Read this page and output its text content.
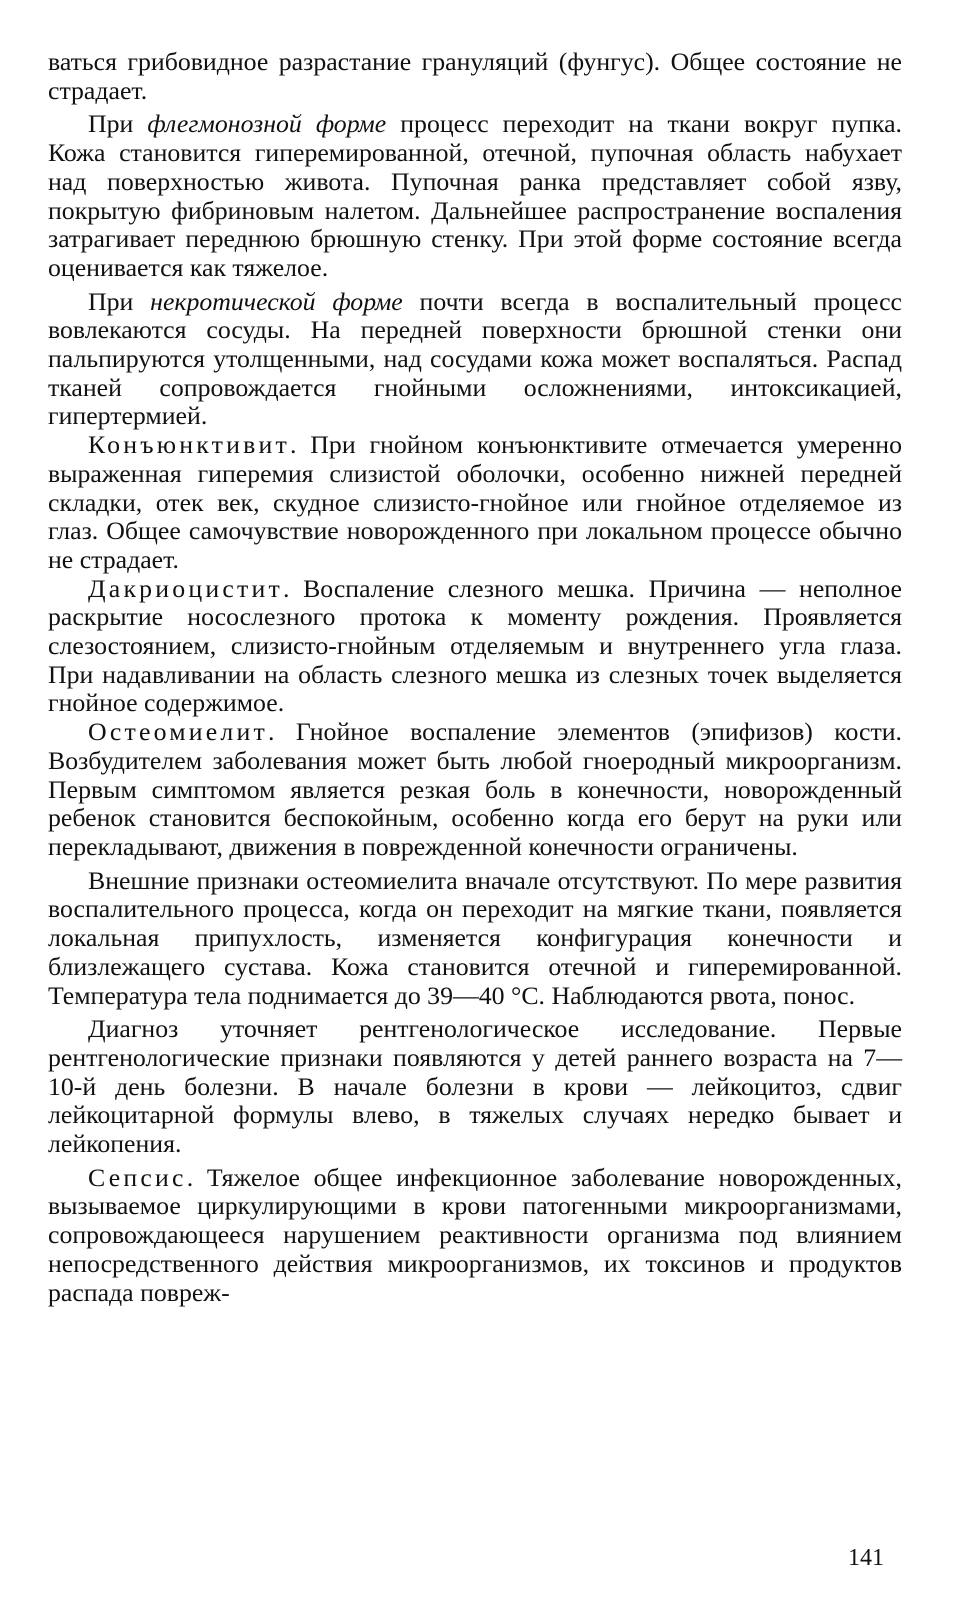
ваться грибовидное разрастание грануляций (фунгус). Общее состояние не страдает.

При флегмонозной форме процесс переходит на ткани вокруг пупка. Кожа становится гиперемированной, отечной, пупочная область набухает над поверхностью живота. Пупочная ранка представляет собой язву, покрытую фибриновым налетом. Дальнейшее распространение воспаления затрагивает переднюю брюшную стенку. При этой форме состояние всегда оценивается как тяжелое.

При некротической форме почти всегда в воспалительный процесс вовлекаются сосуды. На передней поверхности брюшной стенки они пальпируются утолщенными, над сосудами кожа может воспаляться. Распад тканей сопровождается гнойными осложнениями, интоксикацией, гипертермией.

Конъюнктивит. При гнойном конъюнктивите отмечается умеренно выраженная гиперемия слизистой оболочки, особенно нижней передней складки, отек век, скудное слизисто-гнойное или гнойное отделяемое из глаз. Общее самочувствие новорожденного при локальном процессе обычно не страдает.

Дакриоцистит. Воспаление слезного мешка. Причина — неполное раскрытие носослезного протока к моменту рождения. Проявляется слезостоянием, слизисто-гнойным отделяемым и внутреннего угла глаза. При надавливании на область слезного мешка из слезных точек выделяется гнойное содержимое.

Остеомиелит. Гнойное воспаление элементов (эпифизов) кости. Возбудителем заболевания может быть любой гноеродный микроорганизм. Первым симптомом является резкая боль в конечности, новорожденный ребенок становится беспокойным, особенно когда его берут на руки или перекладывают, движения в поврежденной конечности ограничены.

Внешние признаки остеомиелита вначале отсутствуют. По мере развития воспалительного процесса, когда он переходит на мягкие ткани, появляется локальная припухлость, изменяется конфигурация конечности и близлежащего сустава. Кожа становится отечной и гиперемированной. Температура тела поднимается до 39—40 °С. Наблюдаются рвота, понос.

Диагноз уточняет рентгенологическое исследование. Первые рентгенологические признаки появляются у детей раннего возраста на 7—10-й день болезни. В начале болезни в крови — лейкоцитоз, сдвиг лейкоцитарной формулы влево, в тяжелых случаях нередко бывает и лейкопения.

Сепсис. Тяжелое общее инфекционное заболевание новорожденных, вызываемое циркулирующими в крови патогенными микроорганизмами, сопровождающееся нарушением реактивности организма под влиянием непосредственного действия микроорганизмов, их токсинов и продуктов распада повреж-

141
